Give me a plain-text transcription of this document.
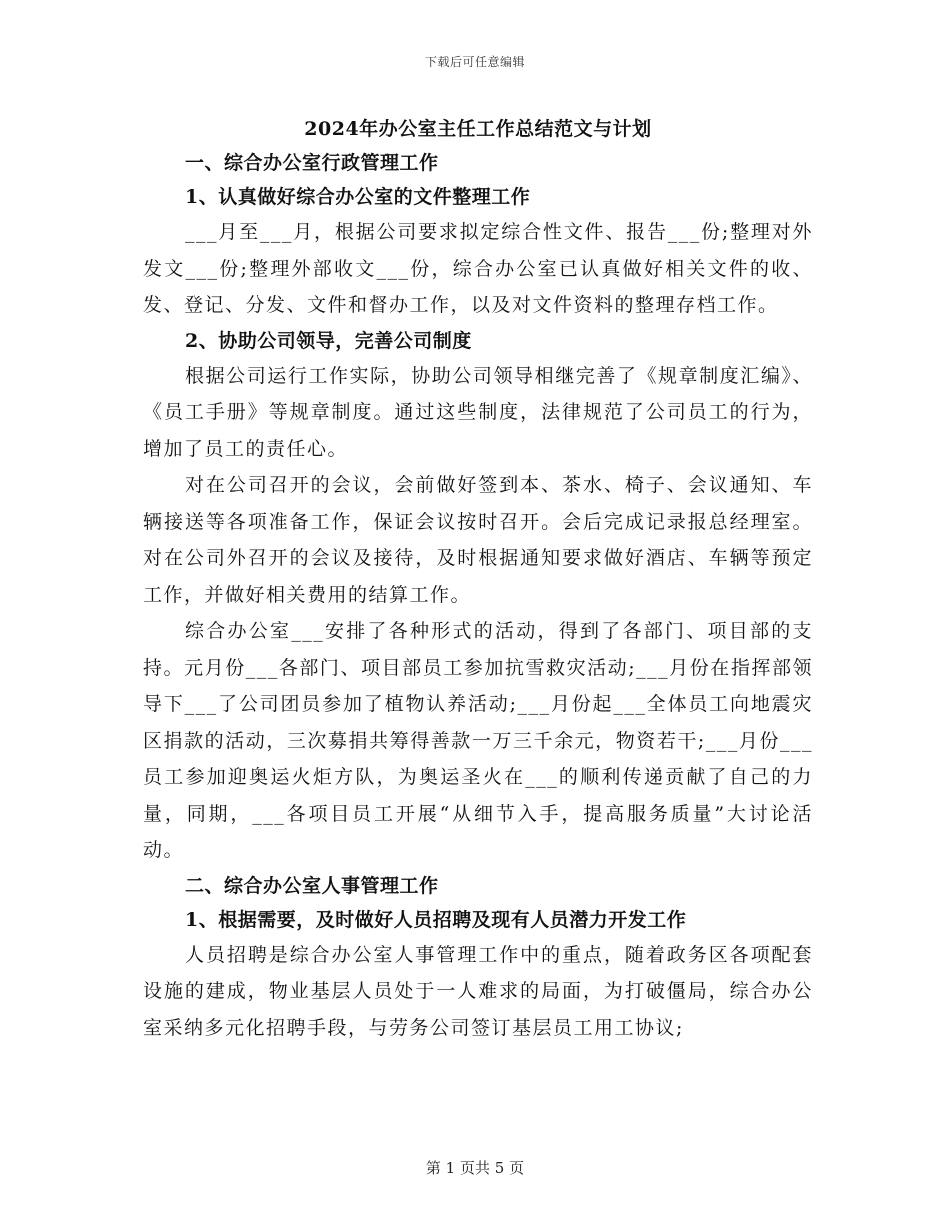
下载后可任意编辑
2024年办公室主任工作总结范文与计划
一、综合办公室行政管理工作
1、认真做好综合办公室的文件整理工作
___月至___月，根据公司要求拟定综合性文件、报告___份;整理对外发文___份;整理外部收文___份，综合办公室已认真做好相关文件的收、发、登记、分发、文件和督办工作，以及对文件资料的整理存档工作。
2、协助公司领导，完善公司制度
根据公司运行工作实际，协助公司领导相继完善了《规章制度汇编》、《员工手册》等规章制度。通过这些制度，法律规范了公司员工的行为，增加了员工的责任心。
对在公司召开的会议，会前做好签到本、茶水、椅子、会议通知、车辆接送等各项准备工作，保证会议按时召开。会后完成记录报总经理室。对在公司外召开的会议及接待，及时根据通知要求做好酒店、车辆等预定工作，并做好相关费用的结算工作。
综合办公室___安排了各种形式的活动，得到了各部门、项目部的支持。元月份___各部门、项目部员工参加抗雪救灾活动;___月份在指挥部领导下___了公司团员参加了植物认养活动;___月份起___全体员工向地震灾区捐款的活动，三次募捐共筹得善款一万三千余元，物资若干;___月份___员工参加迎奥运火炬方队，为奥运圣火在___的顺利传递贡献了自己的力量，同期，___各项目员工开展“从细节入手，提高服务质量”大讨论活动。
二、综合办公室人事管理工作
1、根据需要，及时做好人员招聘及现有人员潜力开发工作
人员招聘是综合办公室人事管理工作中的重点，随着政务区各项配套设施的建成，物业基层人员处于一人难求的局面，为打破僵局，综合办公室采纳多元化招聘手段，与劳务公司签订基层员工用工协议;
第 1 页共 5 页
